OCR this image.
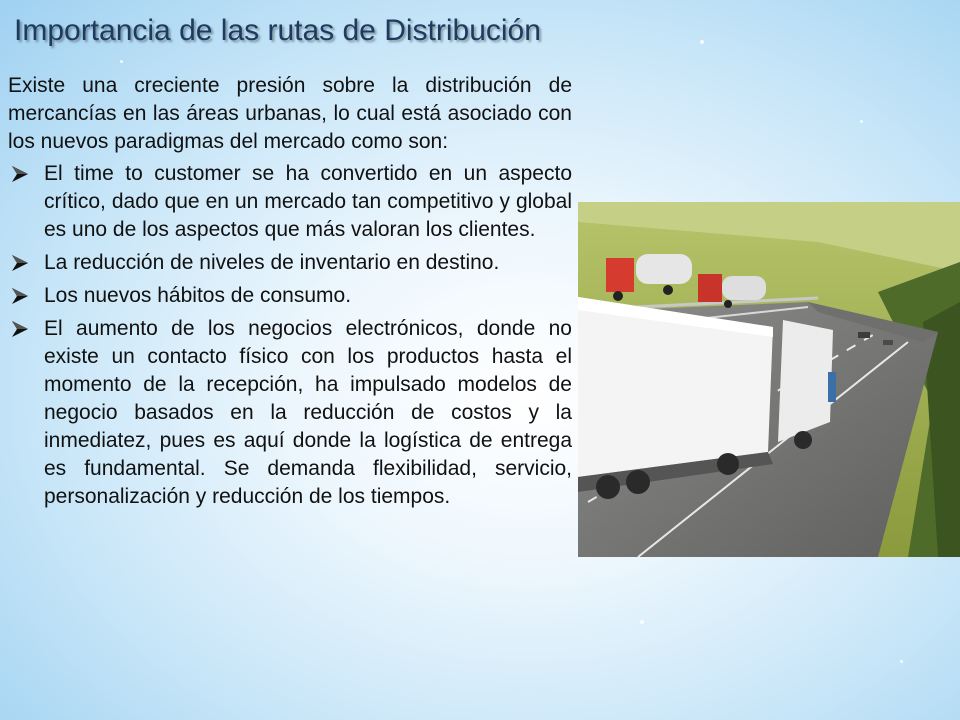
Importancia de las rutas de Distribución

Existe una creciente presión sobre la distribución de mercancías en las áreas urbanas, lo cual está asociado con los nuevos paradigmas del mercado como son:

El time to customer se ha convertido en un aspecto crítico, dado que en un mercado tan competitivo y global es uno de los aspectos que más valoran los clientes.
La reducción de niveles de inventario en destino.
Los nuevos hábitos de consumo.
El aumento de los negocios electrónicos, donde no existe un contacto físico con los productos hasta el momento de la recepción, ha impulsado modelos de negocio basados en la reducción de costos y la inmediatez, pues es aquí donde la logística de entrega es fundamental. Se demanda flexibilidad, servicio, personalización y reducción de los tiempos.
